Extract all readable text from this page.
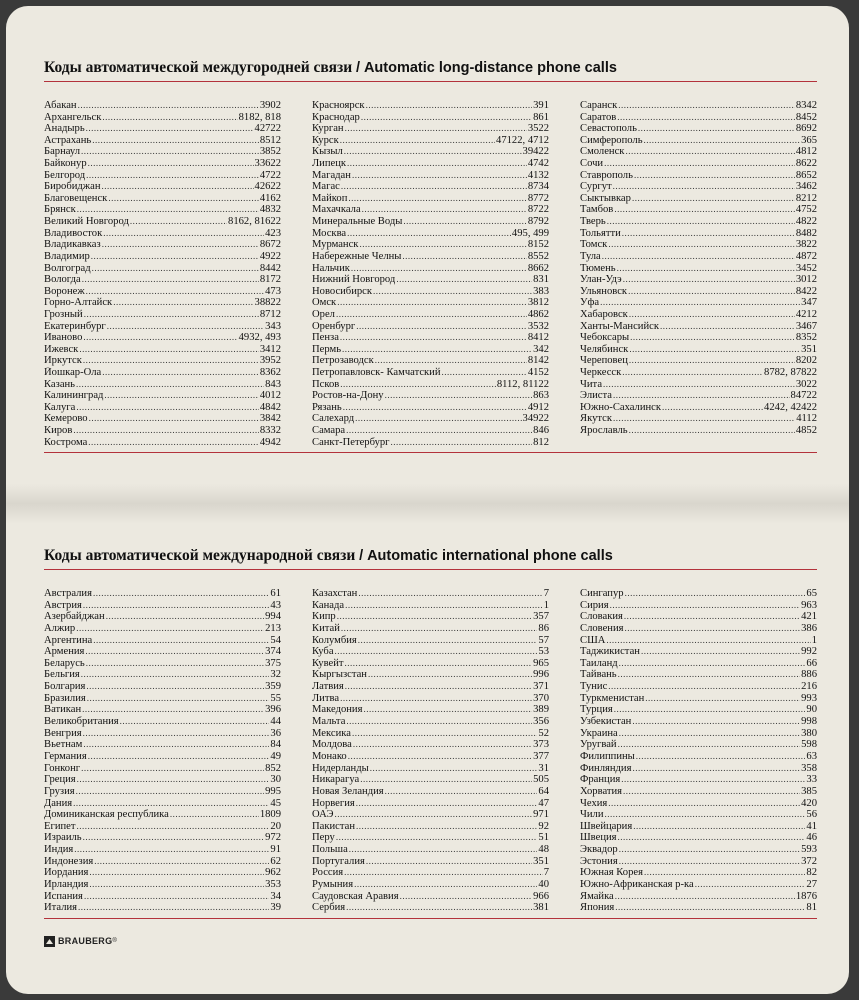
Коды автоматической междугородней связи / Automatic long-distance phone calls
Абакан .....	3902
Архангельск .....	8182, 818
Анадырь .....	42722
Астрахань .....	8512
Барнаул .....	3852
Байконур .....	33622
Белгород .....	4722
Биробиджан .....	42622
Благовещенск .....	4162
Брянск .....	4832
Великий Новгород .....	8162, 81622
Владивосток .....	423
Владикавказ .....	8672
Владимир .....	4922
Волгоград .....	8442
Вологда .....	8172
Воронеж .....	473
Горно-Алтайск .....	38822
Грозный .....	8712
Екатеринбург .....	343
Иваново .....	4932, 493
Ижевск .....	3412
Иркутск .....	3952
Йошкар-Ола .....	8362
Казань .....	843
Калининград .....	4012
Калуга .....	4842
Кемерово .....	3842
Киров .....	8332
Кострома .....	4942
Красноярск .....	391
Краснодар .....	861
Курган .....	3522
Курск .....	47122, 4712
Кызыл .....	39422
Липецк .....	4742
Магадан .....	4132
Магас .....	8734
Майкоп .....	8772
Махачкала .....	8722
Минеральные Воды .....	8792
Москва .....	495, 499
Мурманск .....	8152
Набережные Челны .....	8552
Нальчик .....	8662
Нижний Новгород .....	831
Новосибирск .....	383
Омск .....	3812
Орел .....	4862
Оренбург .....	3532
Пенза .....	8412
Пермь .....	342
Петрозаводск .....	8142
Петропавловск- Камчатский .....	4152
Псков .....	8112, 81122
Ростов-на-Дону .....	863
Рязань .....	4912
Салехард .....	34922
Самара .....	846
Санкт-Петербург .....	812
Саранск .....	8342
Саратов .....	8452
Севастополь .....	8692
Симферополь .....	365
Смоленск .....	4812
Сочи .....	8622
Ставрополь .....	8652
Сургут .....	3462
Сыктывкар .....	8212
Тамбов .....	4752
Тверь .....	4822
Тольятти .....	8482
Томск .....	3822
Тула .....	4872
Тюмень .....	3452
Улан-Удэ .....	3012
Ульяновск .....	8422
Уфа .....	347
Хабаровск .....	4212
Ханты-Мансийск .....	3467
Чебоксары .....	8352
Челябинск .....	351
Череповец .....	8202
Черкесск .....	8782, 87822
Чита .....	3022
Элиста .....	84722
Южно-Сахалинск .....	4242, 42422
Якутск .....	4112
Ярославль .....	4852
Коды автоматической международной связи / Automatic international phone calls
Австралия .....	61
Австрия .....	43
Азербайджан .....	994
Алжир .....	213
Аргентина .....	54
Армения .....	374
Беларусь .....	375
Бельгия .....	32
Болгария .....	359
Бразилия .....	55
Ватикан .....	396
Великобритания .....	44
Венгрия .....	36
Вьетнам .....	84
Германия .....	49
Гонконг .....	852
Греция .....	30
Грузия .....	995
Дания .....	45
Доминиканская республика .....	1809
Египет .....	20
Израиль .....	972
Индия .....	91
Индонезия .....	62
Иордания .....	962
Ирландия .....	353
Испания .....	34
Италия .....	39
Казахстан .....	7
Канада .....	1
Кипр .....	357
Китай .....	86
Колумбия .....	57
Куба .....	53
Кувейт .....	965
Кыргызстан .....	996
Латвия .....	371
Литва .....	370
Македония .....	389
Мальта .....	356
Мексика .....	52
Молдова .....	373
Монако .....	377
Нидерланды .....	31
Никарагуа .....	505
Новая Зеландия .....	64
Норвегия .....	47
ОАЭ .....	971
Пакистан .....	92
Перу .....	51
Польша .....	48
Португалия .....	351
Россия .....	7
Румыния .....	40
Саудовская Аравия .....	966
Сербия .....	381
Сингапур .....	65
Сирия .....	963
Словакия .....	421
Словения .....	386
США .....	1
Таджикистан .....	992
Таиланд .....	66
Тайвань .....	886
Тунис .....	216
Туркменистан .....	993
Турция .....	90
Узбекистан .....	998
Украина .....	380
Уругвай .....	598
Филиппины .....	63
Финляндия .....	358
Франция .....	33
Хорватия .....	385
Чехия .....	420
Чили .....	56
Швейцария .....	41
Швеция .....	46
Эквадор .....	593
Эстония .....	372
Южная Корея .....	82
Южно-Африканская р-ка .....	27
Ямайка .....	1876
Япония .....	81
BRAUBERG ®
